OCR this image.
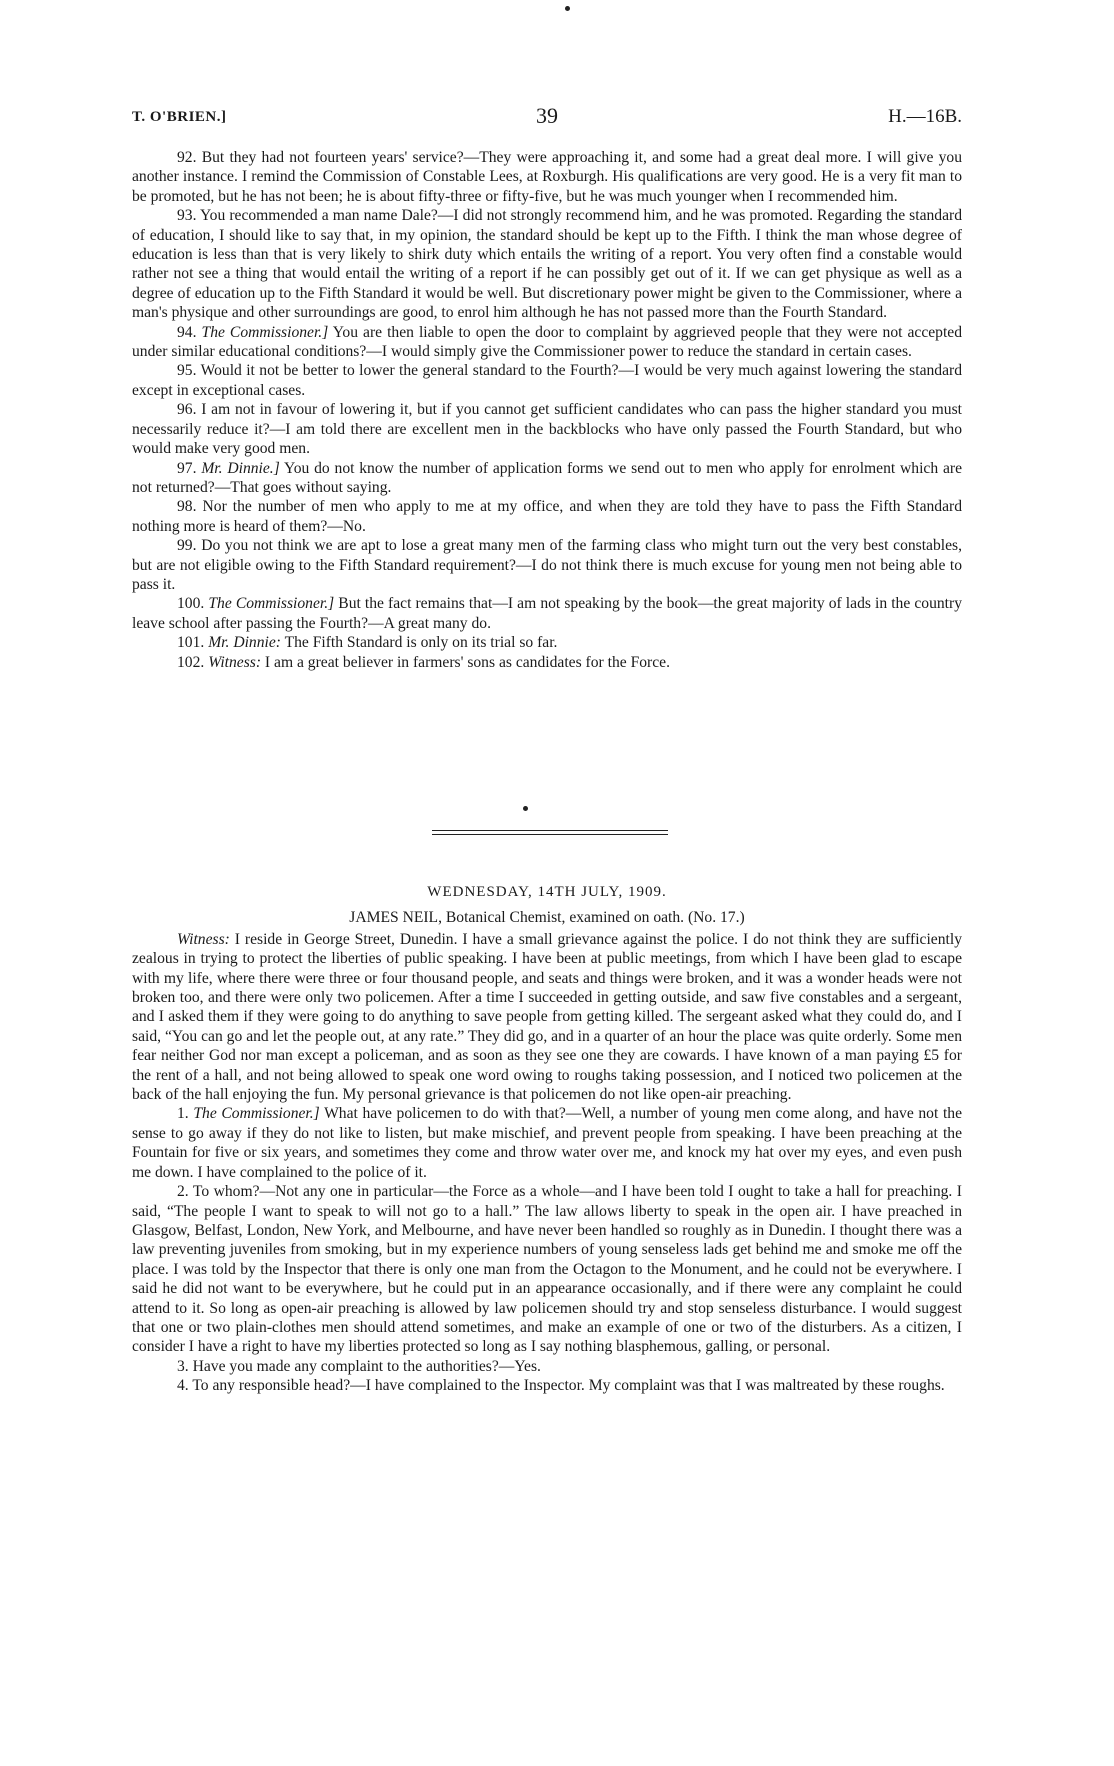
T. O'BRIEN.]	39	H.—16B.

92. But they had not fourteen years' service?—They were approaching it, and some had a great deal more. I will give you another instance. I remind the Commission of Constable Lees, at Roxburgh. His qualifications are very good. He is a very fit man to be promoted, but he has not been; he is about fifty-three or fifty-five, but he was much younger when I recommended him.

93. You recommended a man name Dale?—I did not strongly recommend him, and he was promoted. Regarding the standard of education, I should like to say that, in my opinion, the standard should be kept up to the Fifth. I think the man whose degree of education is less than that is very likely to shirk duty which entails the writing of a report. You very often find a constable would rather not see a thing that would entail the writing of a report if he can possibly get out of it. If we can get physique as well as a degree of education up to the Fifth Standard it would be well. But discretionary power might be given to the Commissioner, where a man's physique and other surroundings are good, to enrol him although he has not passed more than the Fourth Standard.

94. The Commissioner.] You are then liable to open the door to complaint by aggrieved people that they were not accepted under similar educational conditions?—I would simply give the Commissioner power to reduce the standard in certain cases.

95. Would it not be better to lower the general standard to the Fourth?—I would be very much against lowering the standard except in exceptional cases.

96. I am not in favour of lowering it, but if you cannot get sufficient candidates who can pass the higher standard you must necessarily reduce it?—I am told there are excellent men in the backblocks who have only passed the Fourth Standard, but who would make very good men.

97. Mr. Dinnie.] You do not know the number of application forms we send out to men who apply for enrolment which are not returned?—That goes without saying.

98. Nor the number of men who apply to me at my office, and when they are told they have to pass the Fifth Standard nothing more is heard of them?—No.

99. Do you not think we are apt to lose a great many men of the farming class who might turn out the very best constables, but are not eligible owing to the Fifth Standard requirement?—I do not think there is much excuse for young men not being able to pass it.

100. The Commissioner.] But the fact remains that—I am not speaking by the book—the great majority of lads in the country leave school after passing the Fourth?—A great many do.

101. Mr. Dinnie: The Fifth Standard is only on its trial so far.

102. Witness: I am a great believer in farmers' sons as candidates for the Force.

WEDNESDAY, 14TH JULY, 1909.

JAMES NEIL, Botanical Chemist, examined on oath. (No. 17.)

Witness: I reside in George Street, Dunedin. I have a small grievance against the police. I do not think they are sufficiently zealous in trying to protect the liberties of public speaking. I have been at public meetings, from which I have been glad to escape with my life, where there were three or four thousand people, and seats and things were broken, and it was a wonder heads were not broken too, and there were only two policemen. After a time I succeeded in getting outside, and saw five constables and a sergeant, and I asked them if they were going to do anything to save people from getting killed. The sergeant asked what they could do, and I said, “You can go and let the people out, at any rate.” They did go, and in a quarter of an hour the place was quite orderly. Some men fear neither God nor man except a policeman, and as soon as they see one they are cowards. I have known of a man paying £5 for the rent of a hall, and not being allowed to speak one word owing to roughs taking possession, and I noticed two policemen at the back of the hall enjoying the fun. My personal grievance is that policemen do not like open-air preaching.

1. The Commissioner.] What have policemen to do with that?—Well, a number of young men come along, and have not the sense to go away if they do not like to listen, but make mischief, and prevent people from speaking. I have been preaching at the Fountain for five or six years, and sometimes they come and throw water over me, and knock my hat over my eyes, and even push me down. I have complained to the police of it.

2. To whom?—Not any one in particular—the Force as a whole—and I have been told I ought to take a hall for preaching. I said, “The people I want to speak to will not go to a hall.” The law allows liberty to speak in the open air. I have preached in Glasgow, Belfast, London, New York, and Melbourne, and have never been handled so roughly as in Dunedin. I thought there was a law preventing juveniles from smoking, but in my experience numbers of young senseless lads get behind me and smoke me off the place. I was told by the Inspector that there is only one man from the Octagon to the Monument, and he could not be everywhere. I said he did not want to be everywhere, but he could put in an appearance occasionally, and if there were any complaint he could attend to it. So long as open-air preaching is allowed by law policemen should try and stop senseless disturbance. I would suggest that one or two plain-clothes men should attend sometimes, and make an example of one or two of the disturbers. As a citizen, I consider I have a right to have my liberties protected so long as I say nothing blasphemous, galling, or personal.

3. Have you made any complaint to the authorities?—Yes.

4. To any responsible head?—I have complained to the Inspector. My complaint was that I was maltreated by these roughs.
